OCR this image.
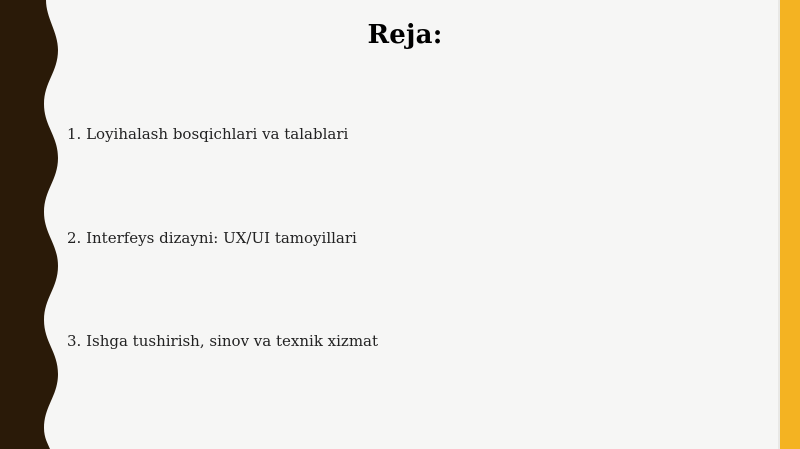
Reja:
1. Loyihalash bosqichlari va talablari
2. Interfeys dizayni: UX/UI tamoyillari
3. Ishga tushirish, sinov va texnik xizmat
